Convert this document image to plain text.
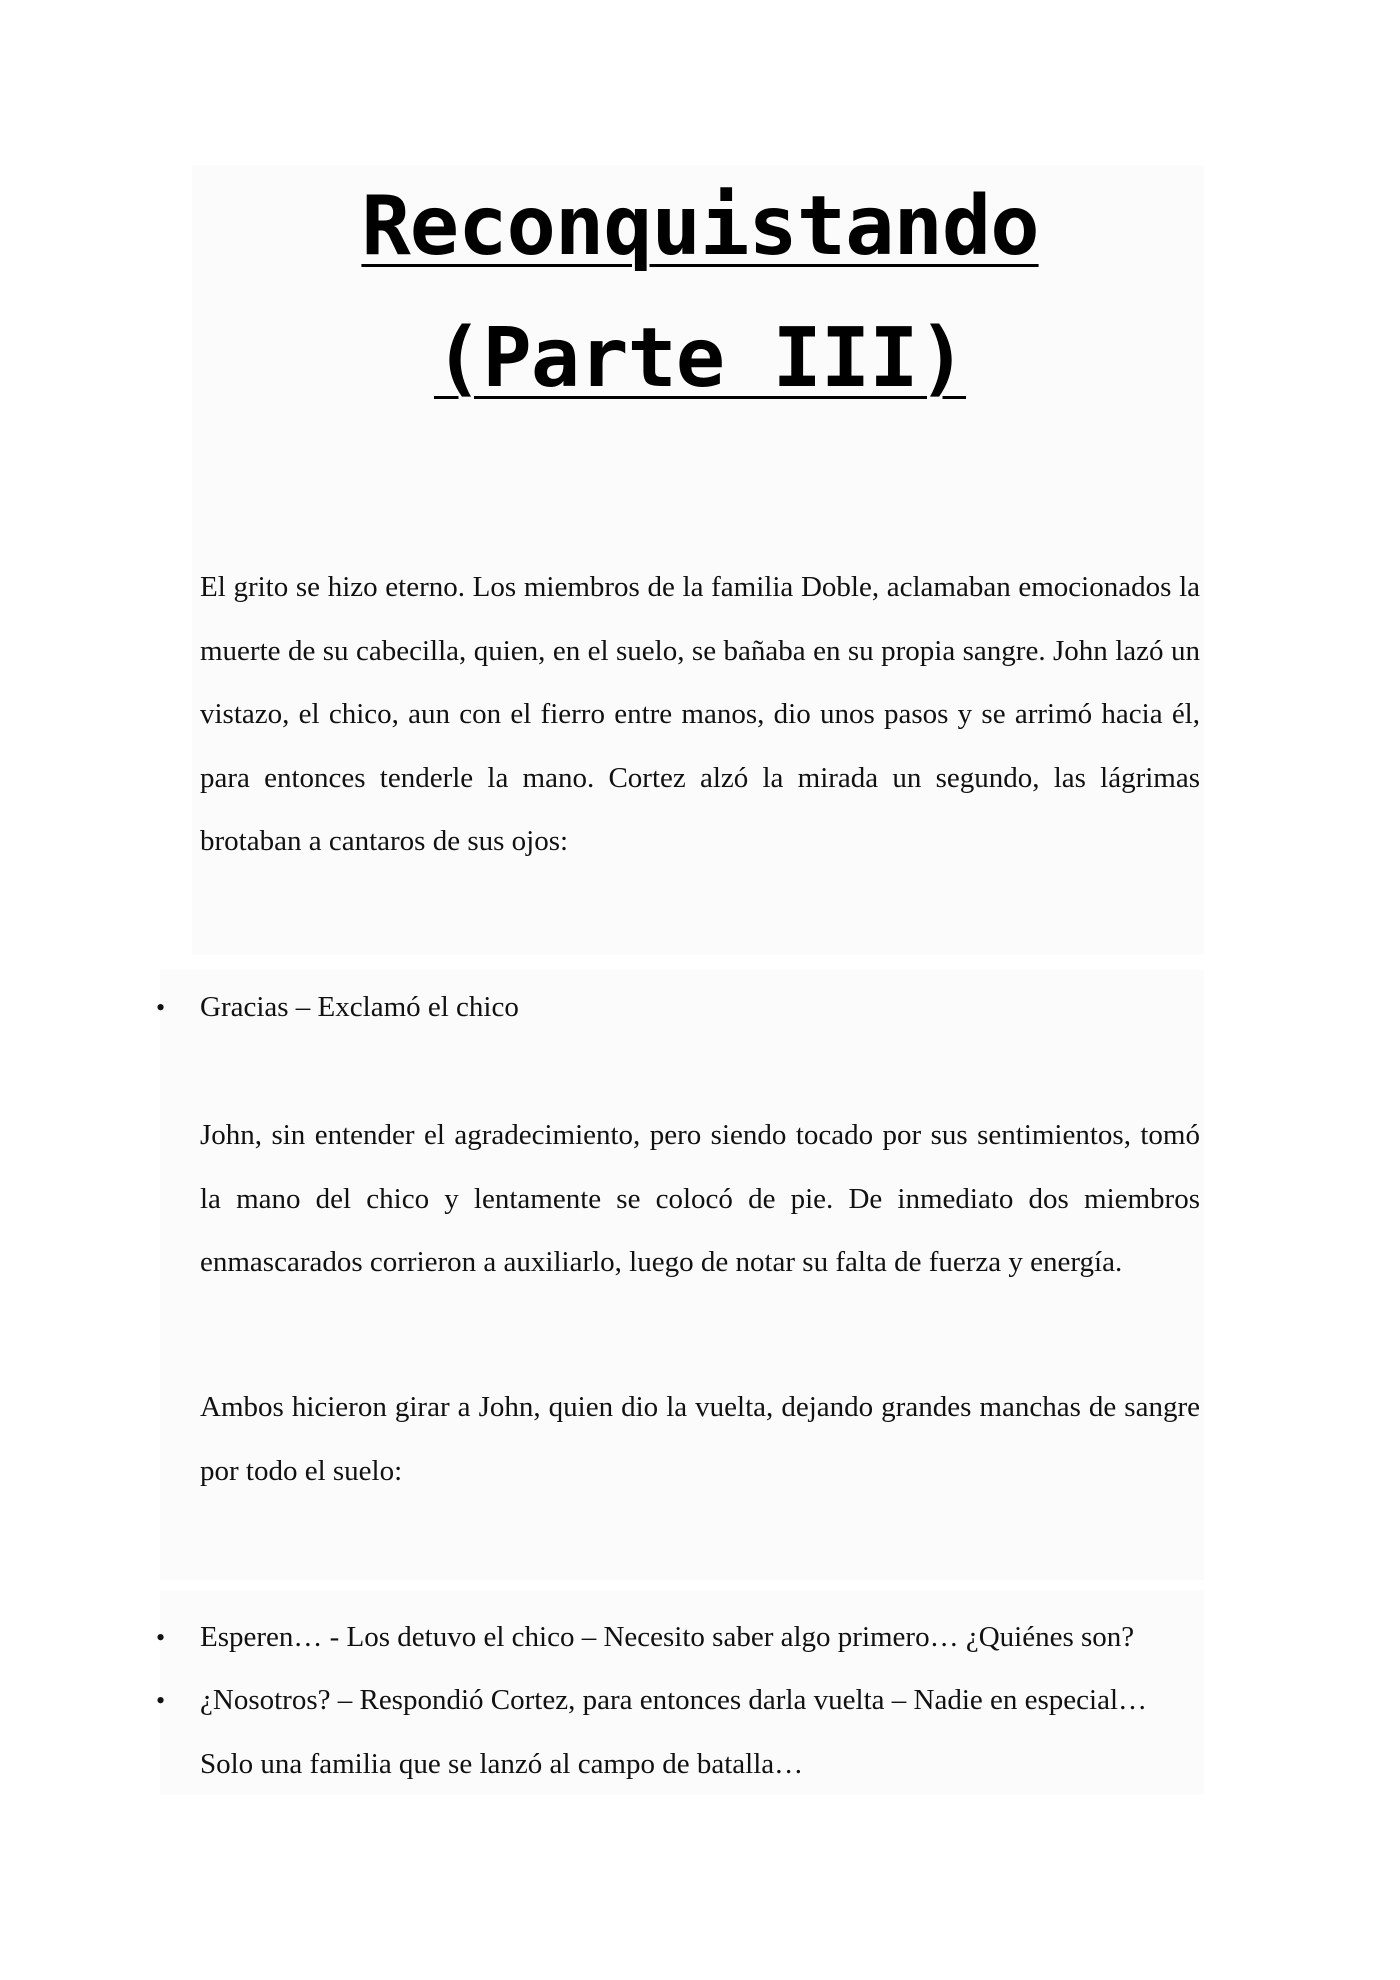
Reconquistando
(Parte III)

El grito se hizo eterno. Los miembros de la familia Doble, aclamaban emocionados la muerte de su cabecilla, quien, en el suelo, se bañaba en su propia sangre. John lazó un vistazo, el chico, aun con el fierro entre manos, dio unos pasos y se arrimó hacia él, para entonces tenderle la mano. Cortez alzó la mirada un segundo, las lágrimas brotaban a cantaros de sus ojos:

• Gracias – Exclamó el chico

John, sin entender el agradecimiento, pero siendo tocado por sus sentimientos, tomó la mano del chico y lentamente se colocó de pie. De inmediato dos miembros enmascarados corrieron a auxiliarlo, luego de notar su falta de fuerza y energía.

Ambos hicieron girar a John, quien dio la vuelta, dejando grandes manchas de sangre por todo el suelo:

• Esperen… - Los detuvo el chico – Necesito saber algo primero… ¿Quiénes son?

• ¿Nosotros? – Respondió Cortez, para entonces darla vuelta – Nadie en especial…

Solo una familia que se lanzó al campo de batalla…
